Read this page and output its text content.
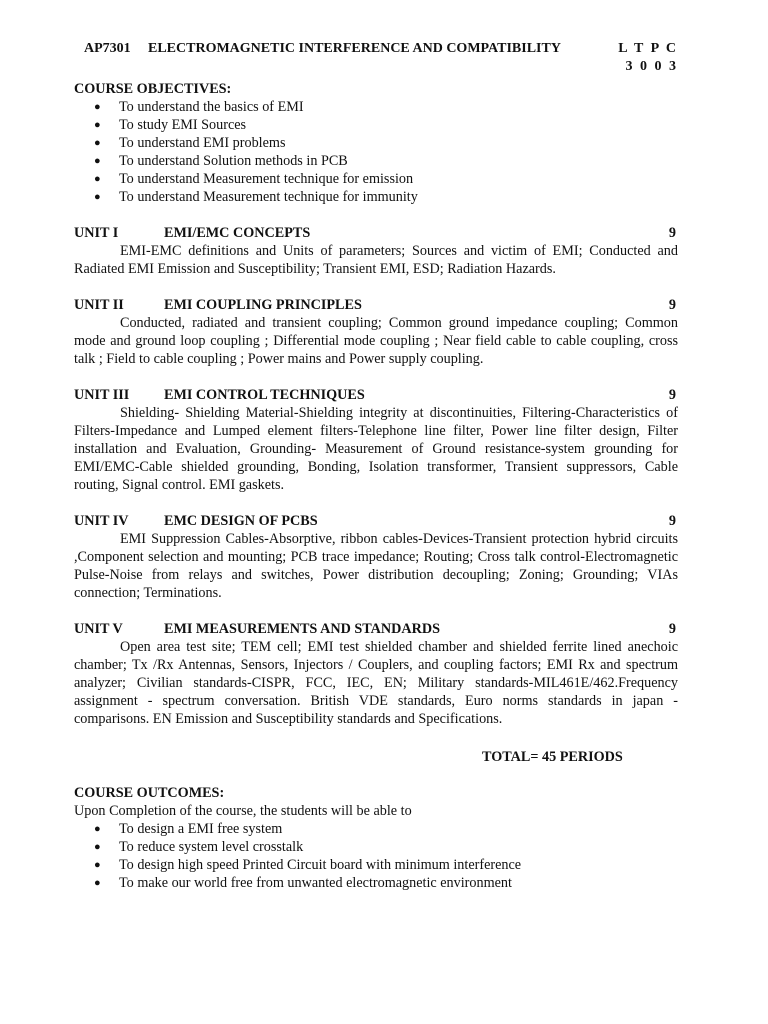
AP7301 ELECTROMAGNETIC INTERFERENCE AND COMPATIBILITY	L T P C
3 0 0 3
COURSE OBJECTIVES:
● To understand the basics of EMI
● To study EMI Sources
● To understand EMI problems
● To understand Solution methods in PCB
● To understand Measurement technique for emission
● To understand Measurement technique for immunity
UNIT I	EMI/EMC CONCEPTS	9
EMI-EMC definitions and Units of parameters; Sources and victim of EMI; Conducted and Radiated EMI Emission and Susceptibility; Transient EMI, ESD; Radiation Hazards.
UNIT II	EMI COUPLING PRINCIPLES	9
Conducted, radiated and transient coupling; Common ground impedance coupling; Common mode and ground loop coupling ; Differential mode coupling ; Near field cable to cable coupling, cross talk ; Field to cable coupling ; Power mains and Power supply coupling.
UNIT III EMI CONTROL TECHNIQUES	9
Shielding- Shielding Material-Shielding integrity at discontinuities, Filtering-Characteristics of Filters-Impedance and Lumped element filters-Telephone line filter, Power line filter design, Filter installation and Evaluation, Grounding- Measurement of Ground resistance-system grounding for EMI/EMC-Cable shielded grounding, Bonding, Isolation transformer, Transient suppressors, Cable routing, Signal control. EMI gaskets.
UNIT IV EMC DESIGN OF PCBS	9
EMI Suppression Cables-Absorptive, ribbon cables-Devices-Transient protection hybrid circuits ,Component selection and mounting; PCB trace impedance; Routing; Cross talk control-Electromagnetic Pulse-Noise from relays and switches, Power distribution decoupling; Zoning; Grounding; VIAs connection; Terminations.
UNIT V	EMI MEASUREMENTS AND STANDARDS	9
Open area test site; TEM cell; EMI test shielded chamber and shielded ferrite lined anechoic chamber; Tx /Rx Antennas, Sensors, Injectors / Couplers, and coupling factors; EMI Rx and spectrum analyzer; Civilian standards-CISPR, FCC, IEC, EN; Military standards-MIL461E/462.Frequency assignment - spectrum conversation. British VDE standards, Euro norms standards in japan - comparisons. EN Emission and Susceptibility standards and Specifications.
TOTAL= 45 PERIODS
COURSE OUTCOMES:
Upon Completion of the course, the students will be able to
● To design a EMI free system
● To reduce system level crosstalk
● To design high speed Printed Circuit board with minimum interference
● To make our world free from unwanted electromagnetic environment
